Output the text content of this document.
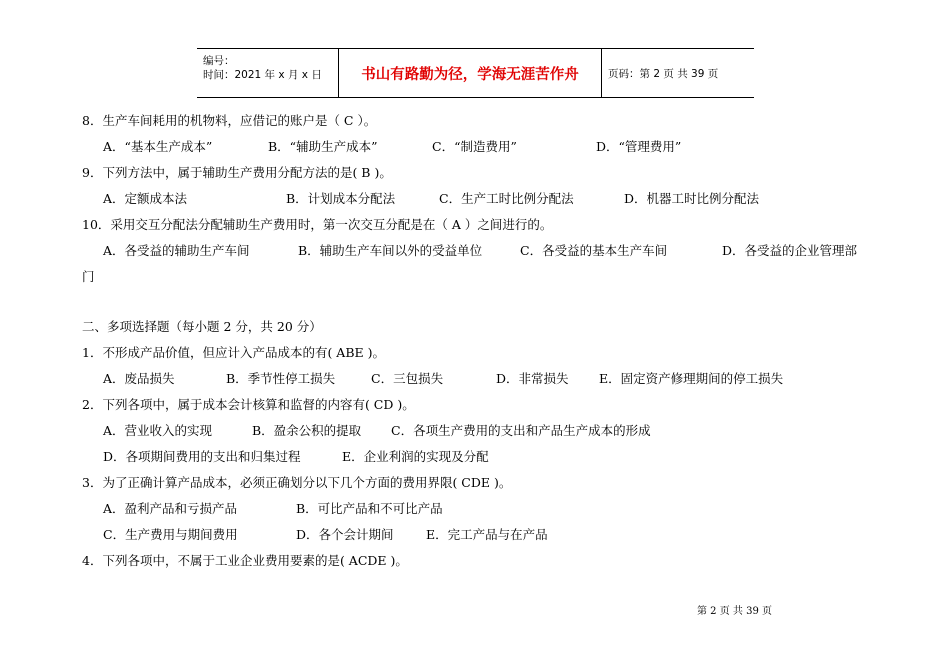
编号：
时间：2021 年 x 月 x 日	书山有路勤为径，学海无涯苦作舟	页码：第 2 页 共 39 页
8．生产车间耗用的机物料，应借记的账户是（ C ）。
A．“基本生产成本”	B．“辅助生产成本”	C．“制造费用”	D．“管理费用”
9．下列方法中，属于辅助生产费用分配方法的是( B )。
A．定额成本法	B．计划成本分配法	C．生产工时比例分配法	D．机器工时比例分配法
10．采用交互分配法分配辅助生产费用时，第一次交互分配是在（ A ）之间进行的。
A．各受益的辅助生产车间	B．辅助生产车间以外的受益单位	C．各受益的基本生产车间	D．各受益的企业管理部
门
二、多项选择题（每小题 2 分，共 20 分）
1．不形成产品价值，但应计入产品成本的有( ABE )。
A．废品损失	B．季节性停工损失	C．三包损失	D．非常损失 E．固定资产修理期间的停工损失
2．下列各项中，属于成本会计核算和监督的内容有( CD )。
A．营业收入的实现	B．盈余公积的提取 C．各项生产费用的支出和产品生产成本的形成
D．各项期间费用的支出和归集过程	E．企业利润的实现及分配
3．为了正确计算产品成本，必须正确划分以下几个方面的费用界限( CDE )。
A．盈利产品和亏损产品	B．可比产品和不可比产品
C．生产费用与期间费用	D．各个会计期间	E．完工产品与在产品
4．下列各项中，不属于工业企业费用要素的是( ACDE )。
第 2 页 共 39 页
